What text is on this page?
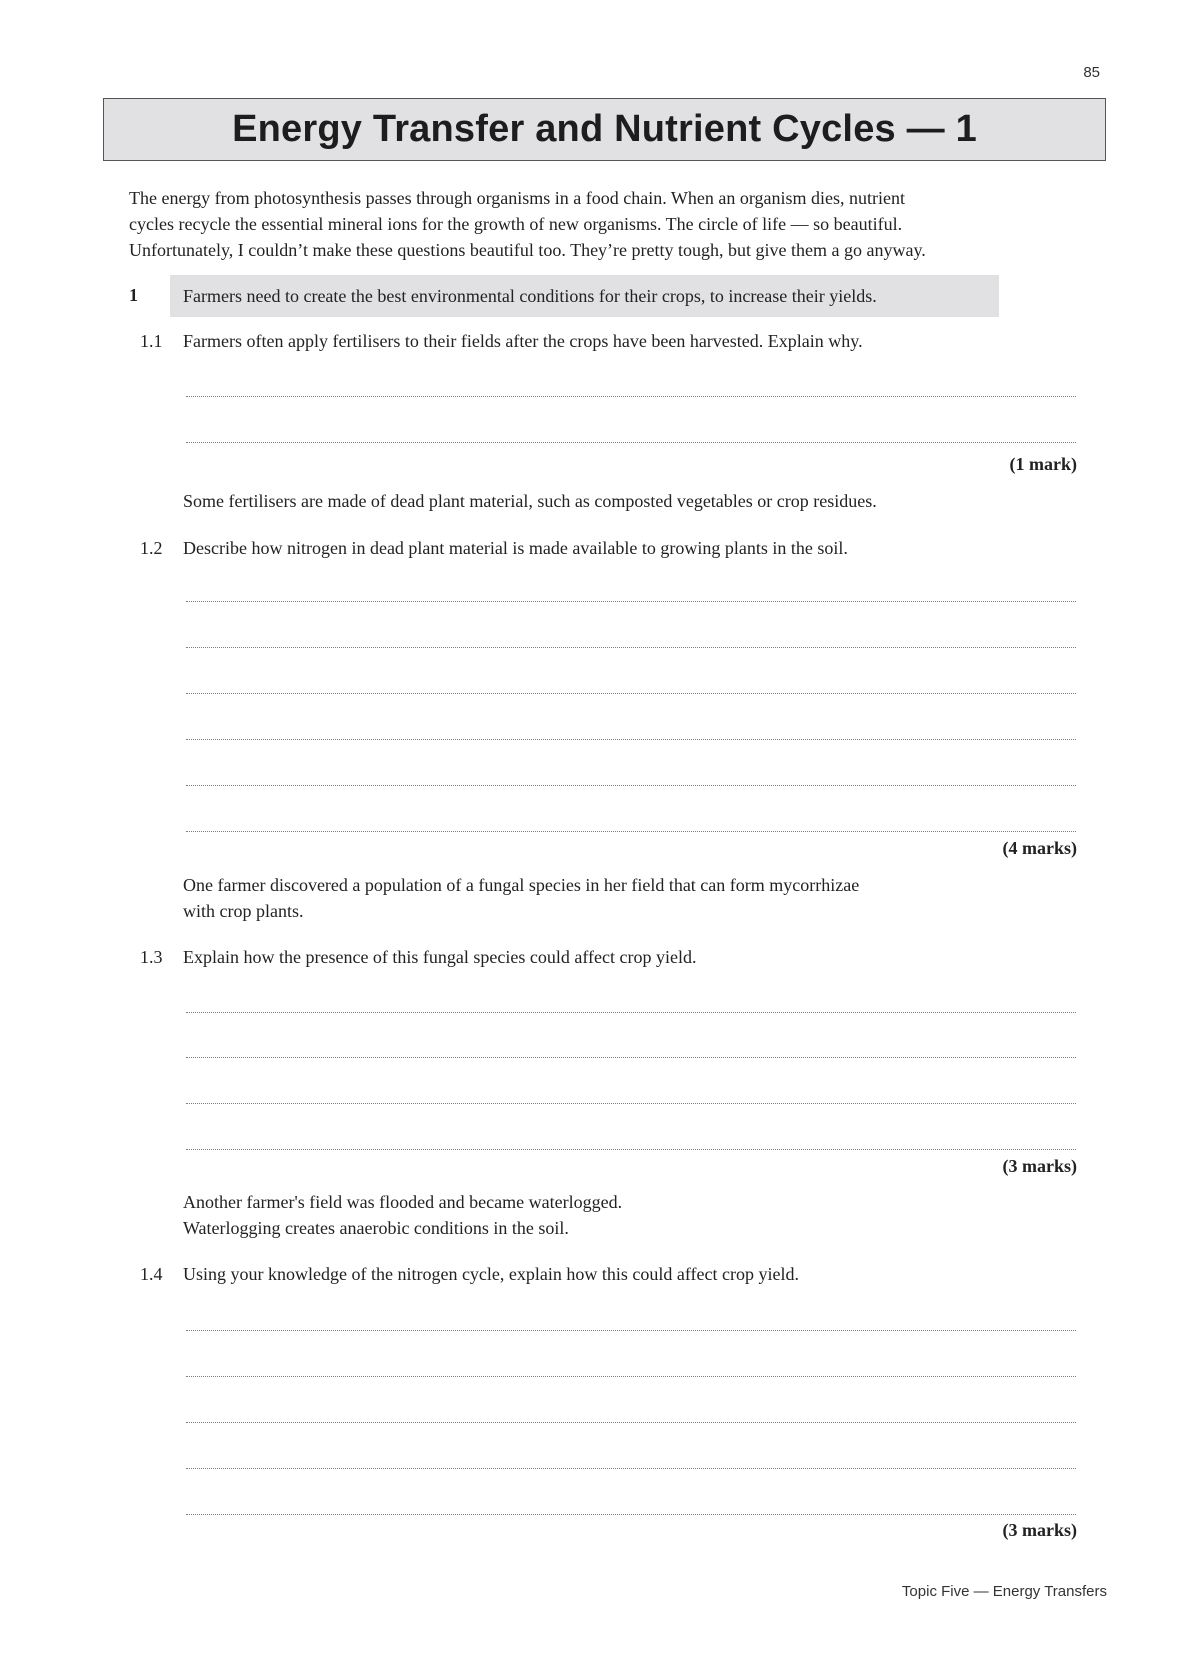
85
Energy Transfer and Nutrient Cycles — 1
The energy from photosynthesis passes through organisms in a food chain. When an organism dies, nutrient
cycles recycle the essential mineral ions for the growth of new organisms. The circle of life — so beautiful.
Unfortunately, I couldn’t make these questions beautiful too. They’re pretty tough, but give them a go anyway.
1	Farmers need to create the best environmental conditions for their crops, to increase their yields.
1.1 Farmers often apply fertilisers to their fields after the crops have been harvested. Explain why.
(1 mark)
Some fertilisers are made of dead plant material, such as composted vegetables or crop residues.
1.2 Describe how nitrogen in dead plant material is made available to growing plants in the soil.
(4 marks)
One farmer discovered a population of a fungal species in her field that can form mycorrhizae
with crop plants.
1.3 Explain how the presence of this fungal species could affect crop yield.
(3 marks)
Another farmer's field was flooded and became waterlogged.
Waterlogging creates anaerobic conditions in the soil.
1.4 Using your knowledge of the nitrogen cycle, explain how this could affect crop yield.
(3 marks)
Topic Five — Energy Transfers
